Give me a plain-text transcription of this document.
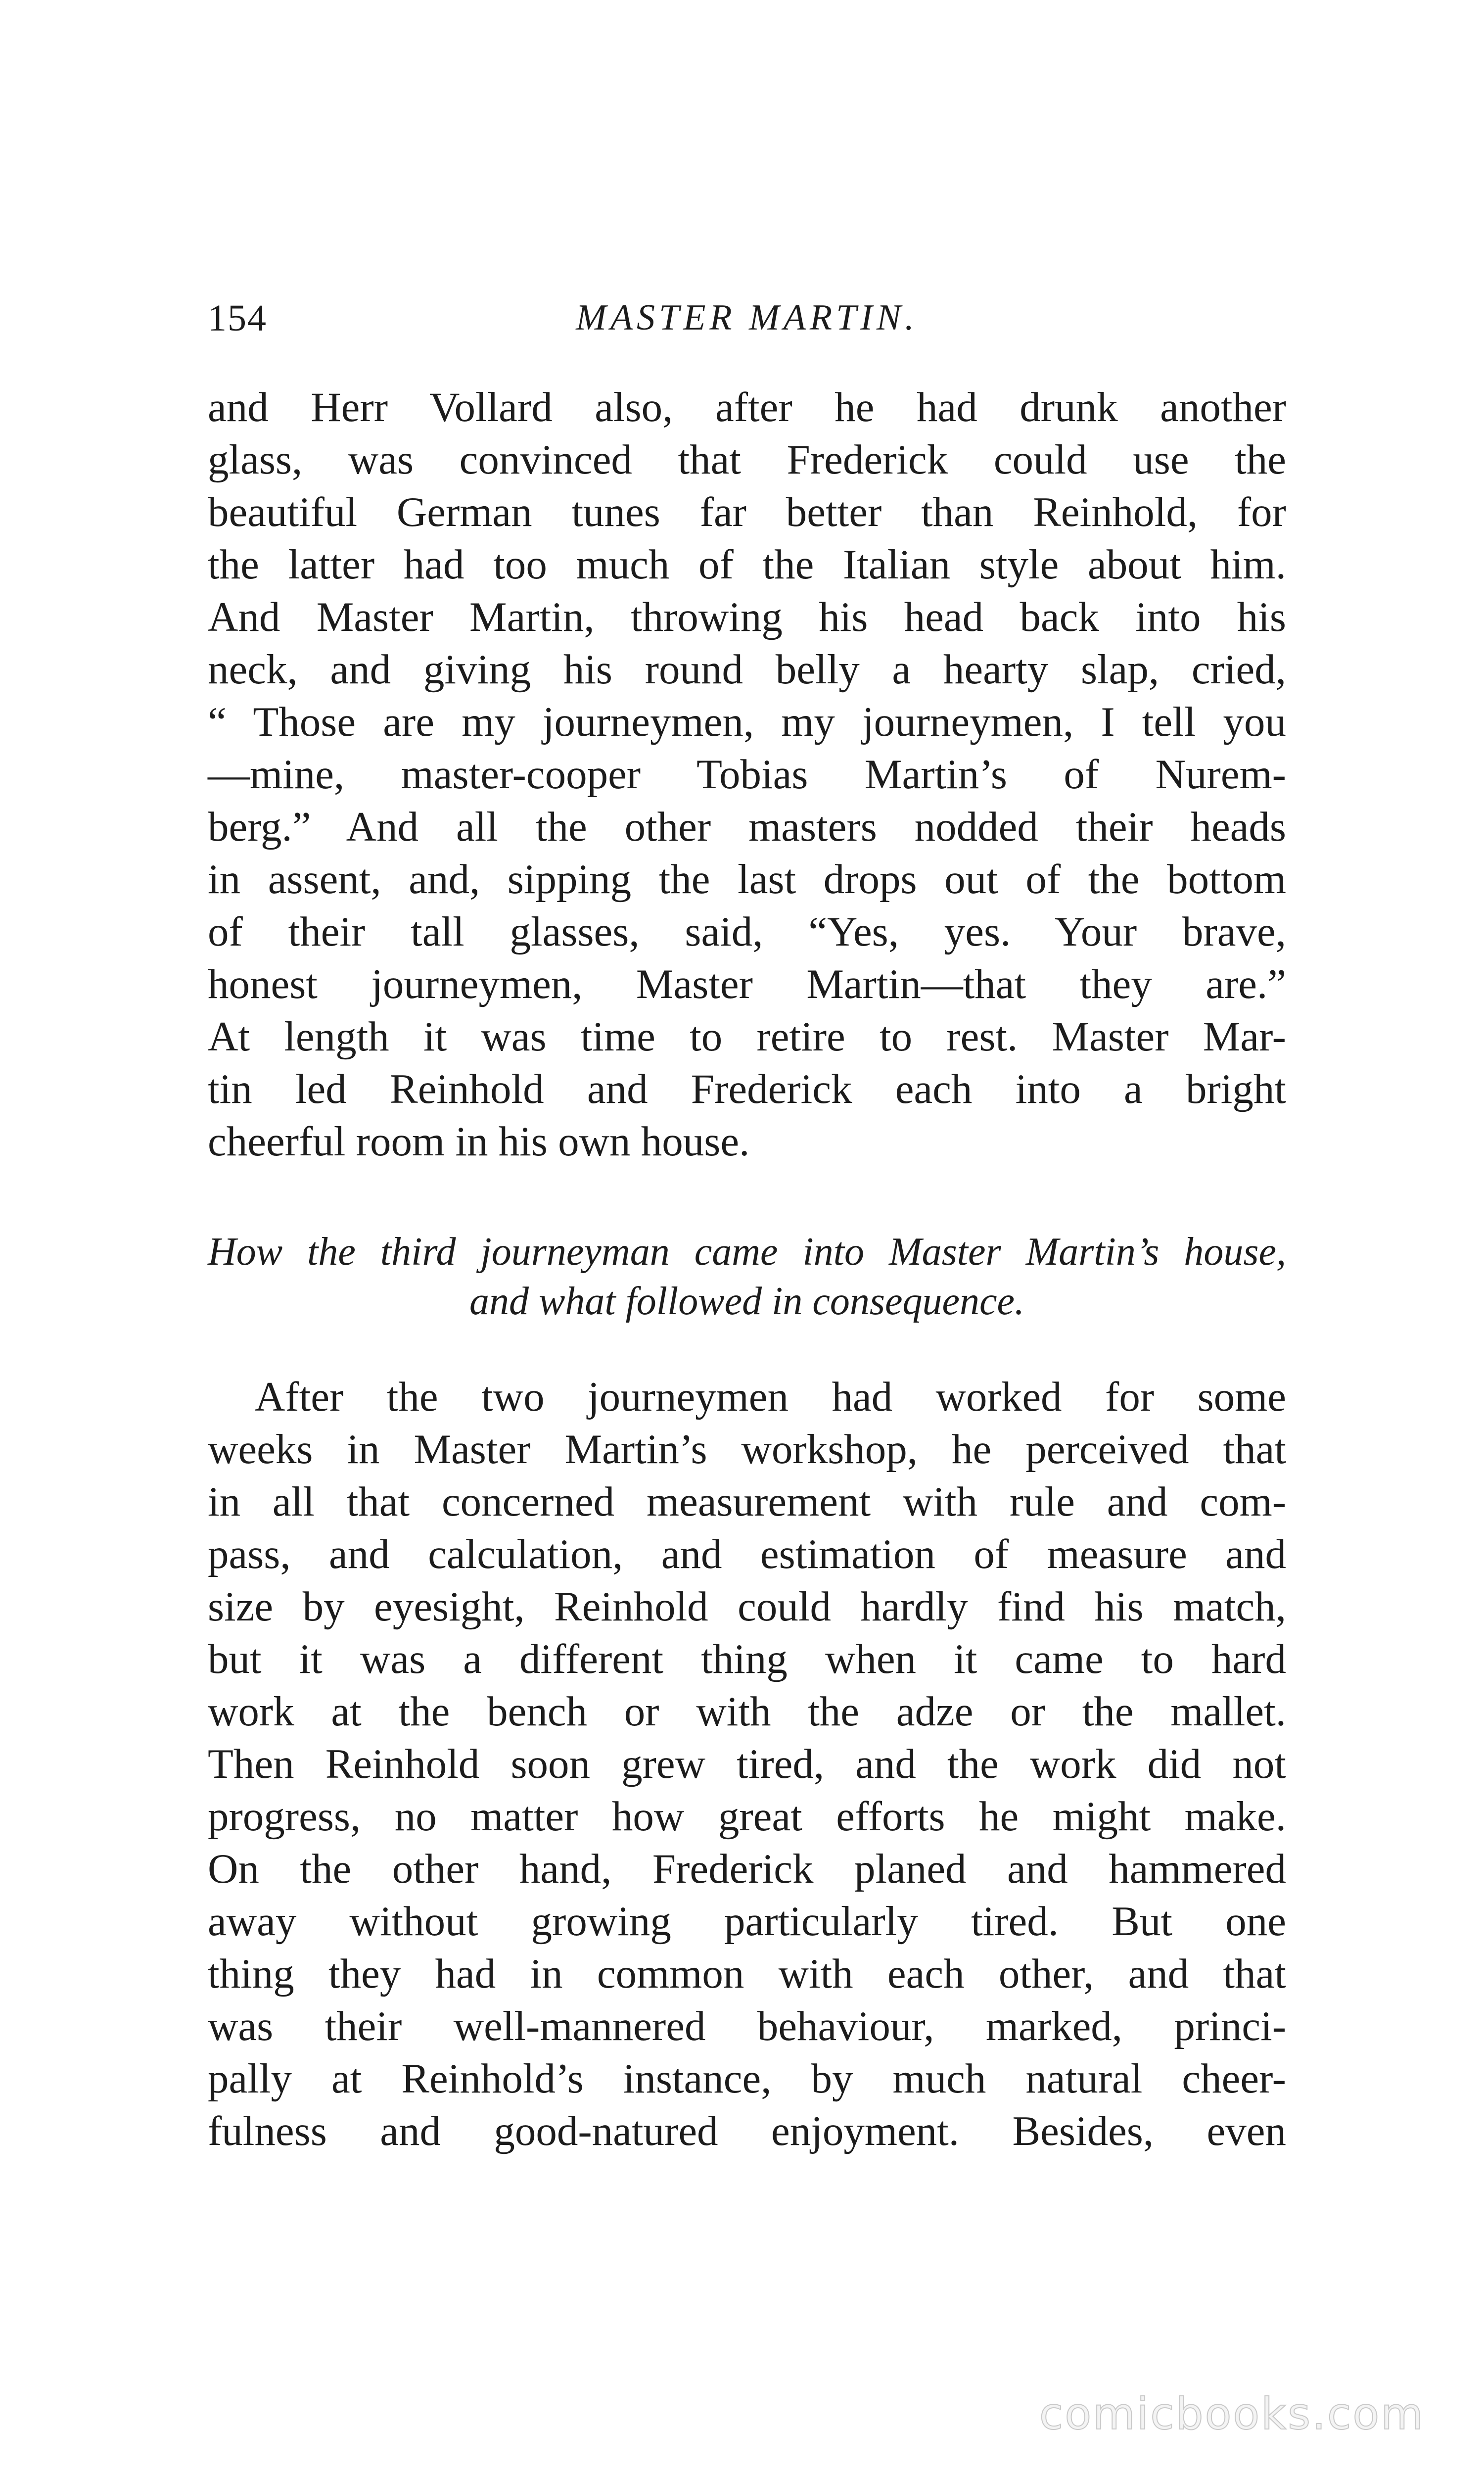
154	MASTER MARTIN.
and Herr Vollard also, after he had drunk another
glass, was convinced that Frederick could use the
beautiful German tunes far better than Reinhold, for
the latter had too much of the Italian style about him.
And Master Martin, throwing his head back into his
neck, and giving his round belly a hearty slap, cried,
“ Those are my journeymen, my journeymen, I tell you
—mine, master-cooper Tobias Martin’s of Nurem-
berg.” And all the other masters nodded their heads
in assent, and, sipping the last drops out of the bottom
of their tall glasses, said, “Yes, yes. Your brave,
honest journeymen, Master Martin—that they are.”
At length it was time to retire to rest. Master Mar-
tin led Reinhold and Frederick each into a bright
cheerful room in his own house.
How the third journeyman came into Master Martin’s house,
and what followed in consequence.
After the two journeymen had worked for some
weeks in Master Martin’s workshop, he perceived that
in all that concerned measurement with rule and com-
pass, and calculation, and estimation of measure and
size by eyesight, Reinhold could hardly find his match,
but it was a different thing when it came to hard
work at the bench or with the adze or the mallet.
Then Reinhold soon grew tired, and the work did not
progress, no matter how great efforts he might make.
On the other hand, Frederick planed and hammered
away without growing particularly tired. But one
thing they had in common with each other, and that
was their well-mannered behaviour, marked, princi-
pally at Reinhold’s instance, by much natural cheer-
fulness and good-natured enjoyment. Besides, even
comicbooks.com
